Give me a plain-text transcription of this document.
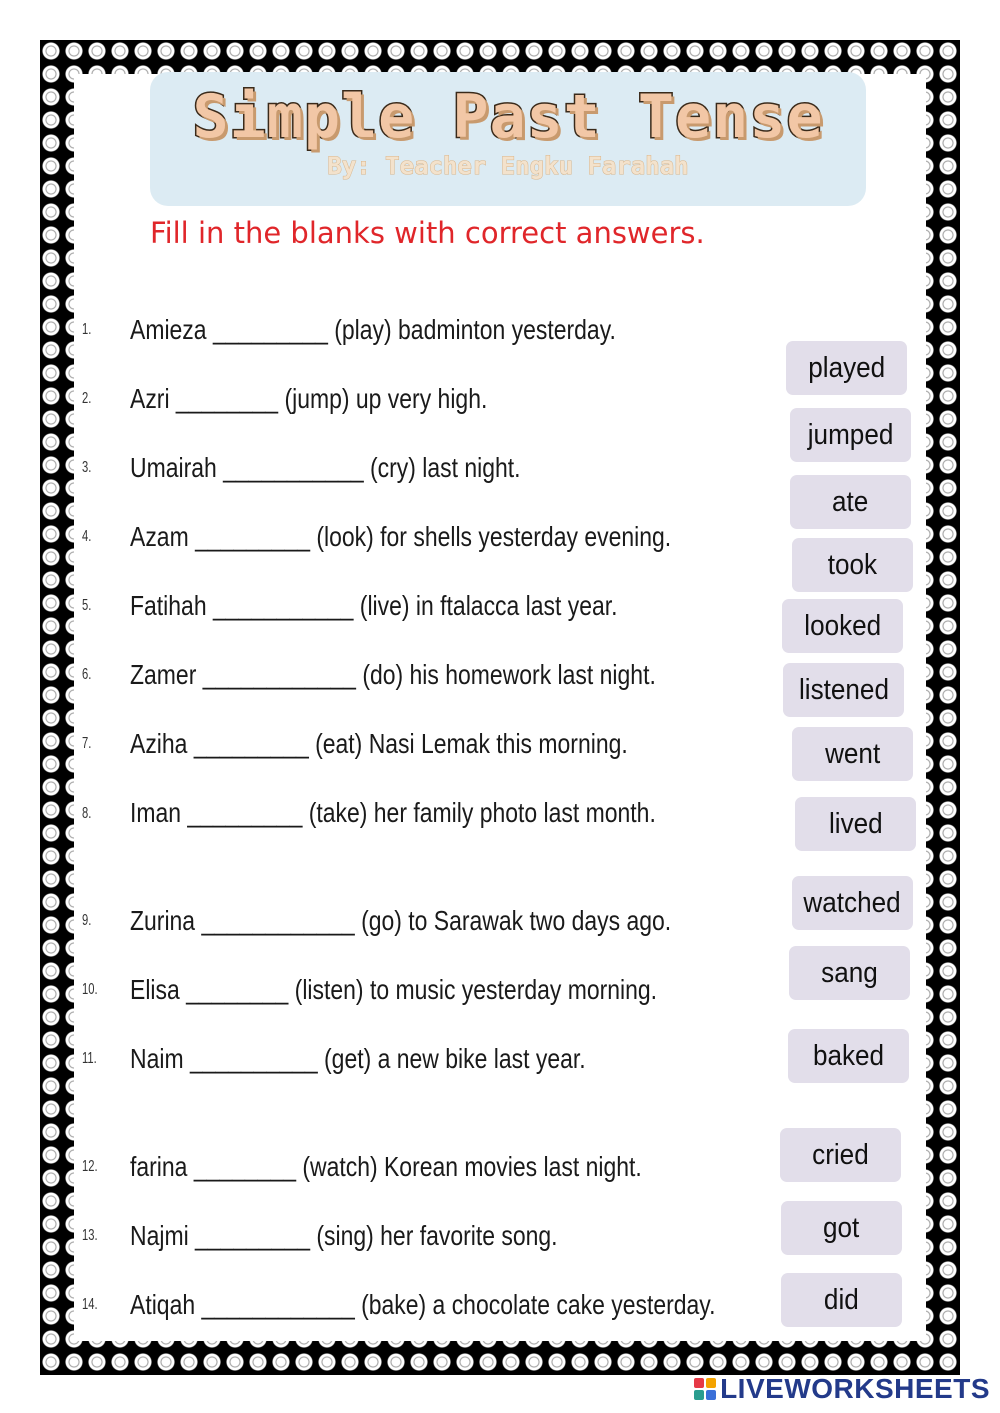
Simple Past Tense
By: Teacher Engku Farahah
Fill in the blanks with correct answers.
1. Amieza _________ (play) badminton yesterday.
2. Azri ________ (jump) up very high.
3. Umairah ___________ (cry) last night.
4. Azam _________ (look) for shells yesterday evening.
5. Fatihah ___________ (live) in ftalacca last year.
6. Zamer ____________ (do) his homework last night.
7. Aziha _________ (eat) Nasi Lemak this morning.
8. Iman _________ (take) her family photo last month.
9. Zurina ____________ (go) to Sarawak two days ago.
10. Elisa ________ (listen) to music yesterday morning.
11. Naim __________ (get) a new bike last year.
12. farina ________ (watch) Korean movies last night.
13. Najmi _________ (sing) her favorite song.
14. Atiqah ____________ (bake) a chocolate cake yesterday.
played
jumped
ate
took
looked
listened
went
lived
watched
sang
baked
cried
got
did
LIVEWORKSHEETS
